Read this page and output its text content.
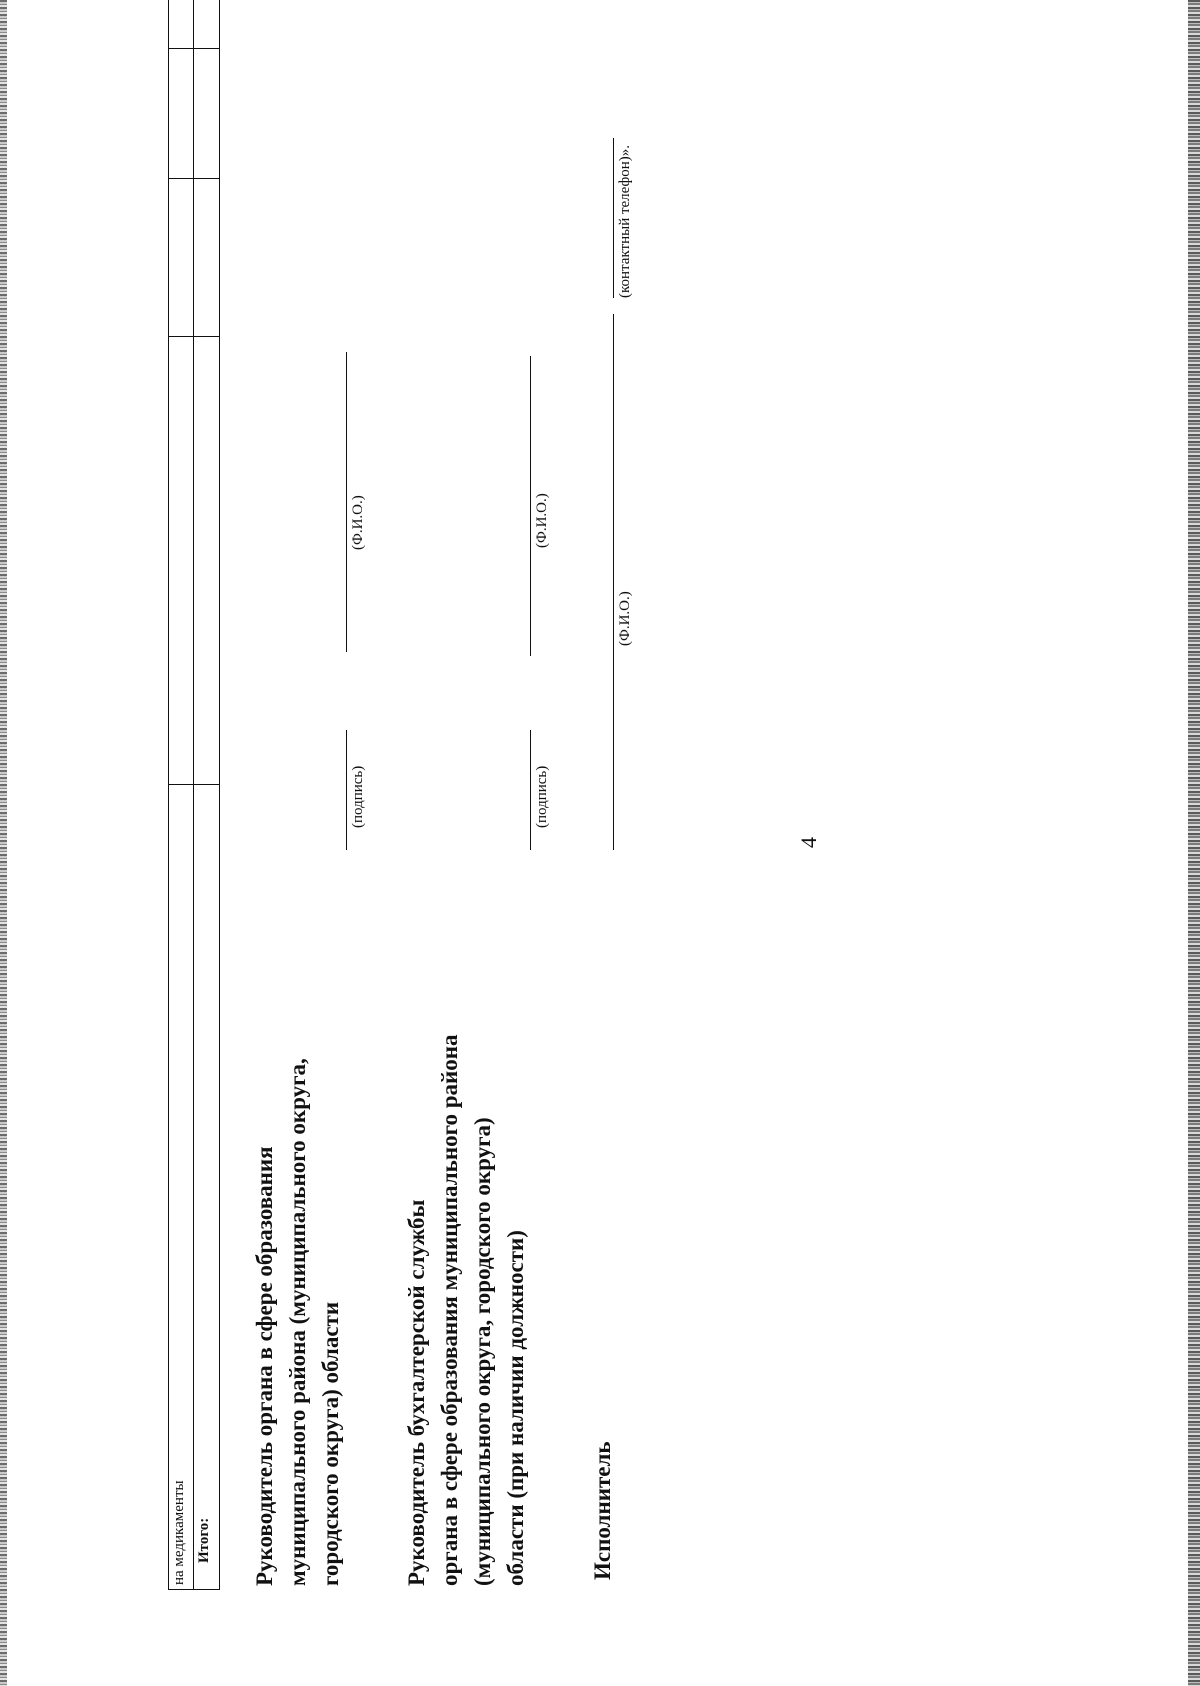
4
на медикаменты Итого: Руководитель органа в сфере образования муниципального района (муниципального округа, городского округа) области
(подпись)
(Ф.И.О.)
Руководитель бухгалтерской службы органа в сфере образования муниципального района (муниципального округа, городского округа) области (при наличии должности)
(подпись)
(Ф.И.О.)
Исполнитель
(Ф.И.О.)
(контактный телефон)».
